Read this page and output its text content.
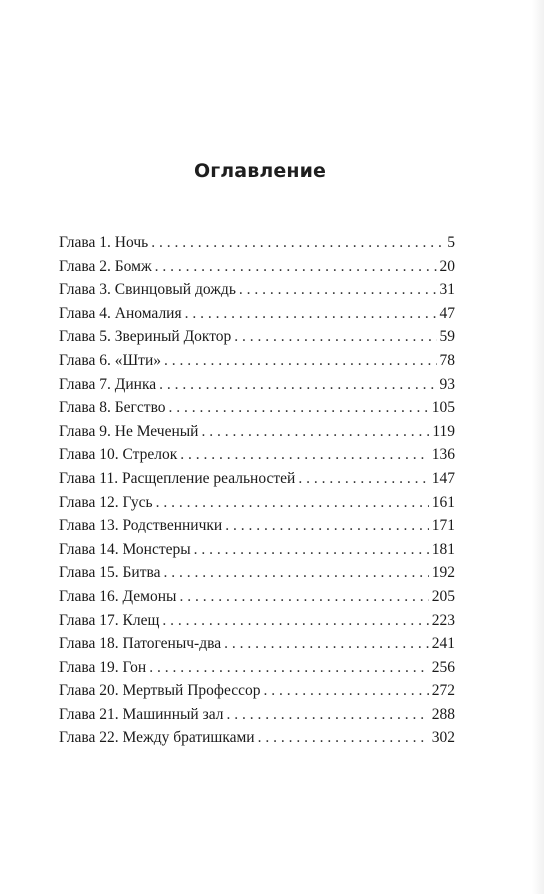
Оглавление
Глава 1. Ночь . . .	5
Глава 2. Бомж . . .	20
Глава 3. Свинцовый дождь . . .	31
Глава 4. Аномалия . . .	47
Глава 5. Звериный Доктор . . .	59
Глава 6. «Шти» . . .	78
Глава 7. Динка . . .	93
Глава 8. Бегство . . .	105
Глава 9. Не Меченый . . .	119
Глава 10. Стрелок . . .	136
Глава 11. Расщепление реальностей . . .	147
Глава 12. Гусь . . .	161
Глава 13. Родственнички . . .	171
Глава 14. Монстеры . . .	181
Глава 15. Битва . . .	192
Глава 16. Демоны . . .	205
Глава 17. Клещ . . .	223
Глава 18. Патогеныч-два . . .	241
Глава 19. Гон . . .	256
Глава 20. Мертвый Профессор . . .	272
Глава 21. Машинный зал . . .	288
Глава 22. Между братишками . . .	302
